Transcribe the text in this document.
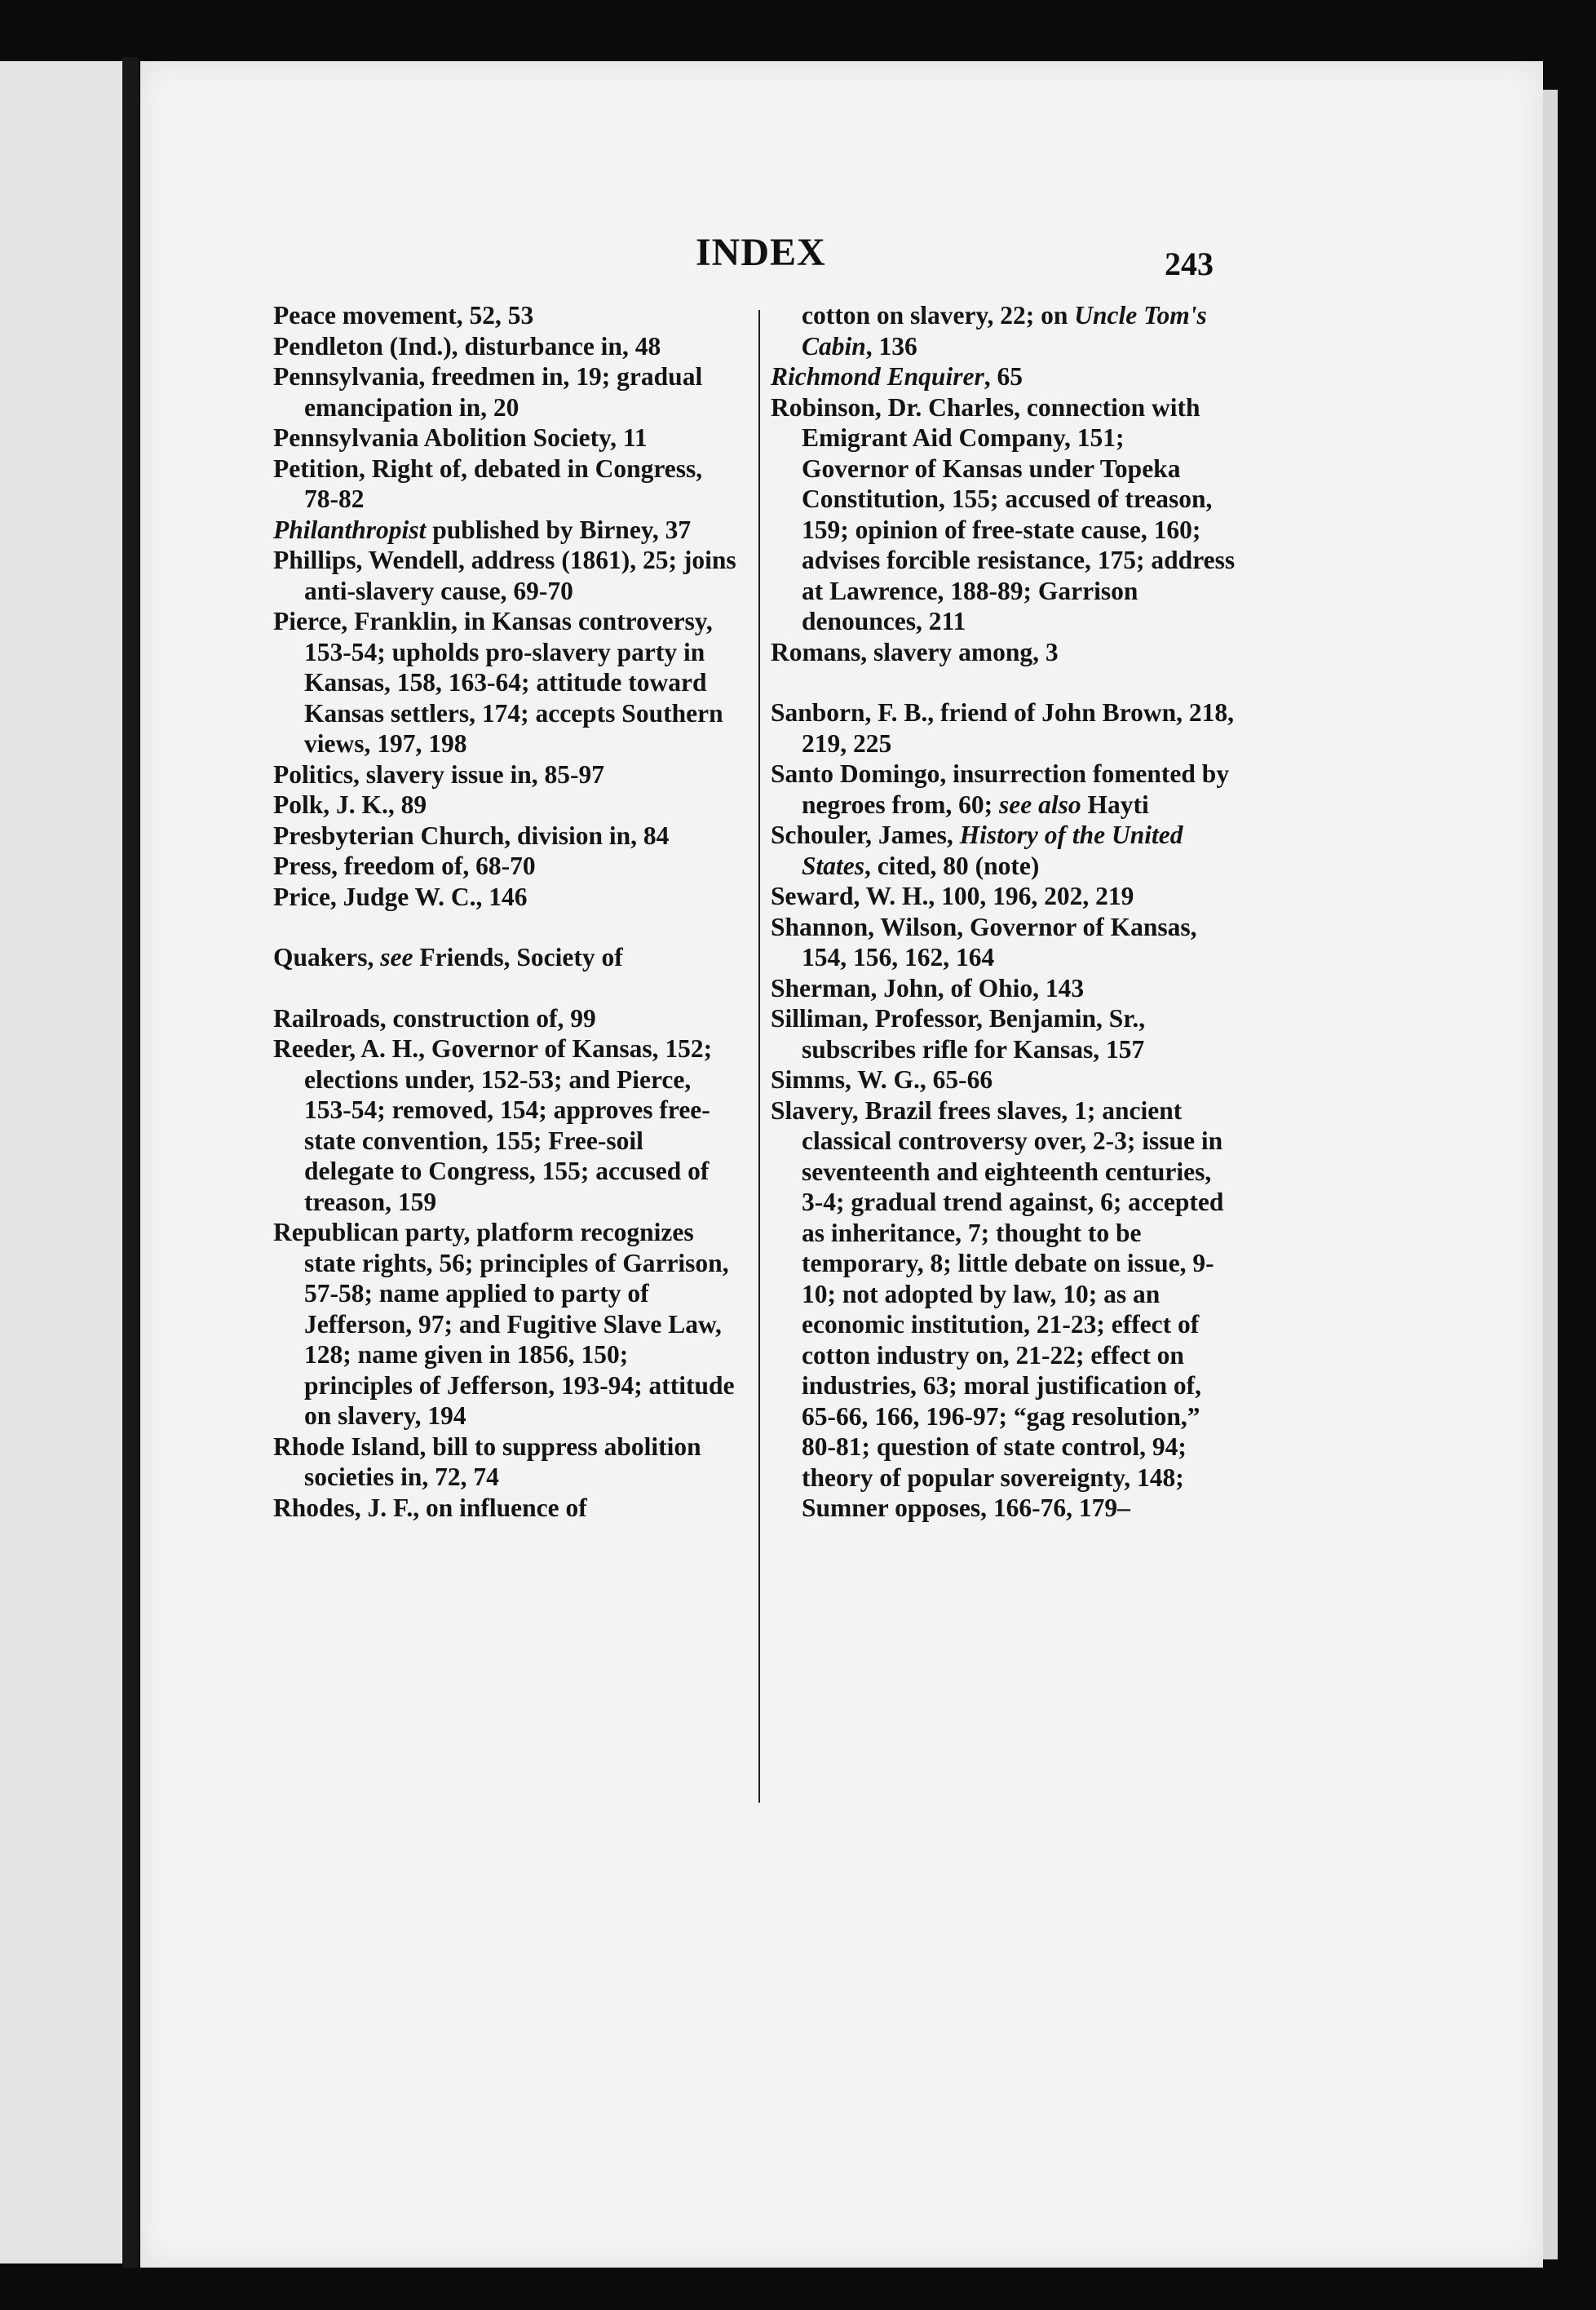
INDEX	243

Peace movement, 52, 53

Pendleton (Ind.), disturbance in, 48

Pennsylvania, freedmen in, 19; gradual emancipation in, 20

Pennsylvania Abolition Society, 11

Petition, Right of, debated in Congress, 78-82

Philanthropist published by Birney, 37

Phillips, Wendell, address (1861), 25; joins anti-slavery cause, 69-70

Pierce, Franklin, in Kansas controversy, 153-54; upholds pro-slavery party in Kansas, 158, 163-64; attitude toward Kansas settlers, 174; accepts Southern views, 197, 198

Politics, slavery issue in, 85-97

Polk, J. K., 89

Presbyterian Church, division in, 84

Press, freedom of, 68-70

Price, Judge W. C., 146

Quakers, see Friends, Society of

Railroads, construction of, 99

Reeder, A. H., Governor of Kansas, 152; elections under, 152-53; and Pierce, 153-54; removed, 154; approves free-state convention, 155; Free-soil delegate to Congress, 155; accused of treason, 159

Republican party, platform recognizes state rights, 56; principles of Garrison, 57-58; name applied to party of Jefferson, 97; and Fugitive Slave Law, 128; name given in 1856, 150; principles of Jefferson, 193-94; attitude on slavery, 194

Rhode Island, bill to suppress abolition societies in, 72, 74

Rhodes, J. F., on influence of

cotton on slavery, 22; on Uncle Tom's Cabin, 136

Richmond Enquirer, 65

Robinson, Dr. Charles, connection with Emigrant Aid Company, 151; Governor of Kansas under Topeka Constitution, 155; accused of treason, 159; opinion of free-state cause, 160; advises forcible resistance, 175; address at Lawrence, 188-89; Garrison denounces, 211

Romans, slavery among, 3

Sanborn, F. B., friend of John Brown, 218, 219, 225

Santo Domingo, insurrection fomented by negroes from, 60; see also Hayti

Schouler, James, History of the United States, cited, 80 (note)

Seward, W. H., 100, 196, 202, 219

Shannon, Wilson, Governor of Kansas, 154, 156, 162, 164

Sherman, John, of Ohio, 143

Silliman, Professor, Benjamin, Sr., subscribes rifle for Kansas, 157

Simms, W. G., 65-66

Slavery, Brazil frees slaves, 1; ancient classical controversy over, 2-3; issue in seventeenth and eighteenth centuries, 3-4; gradual trend against, 6; accepted as inheritance, 7; thought to be temporary, 8; little debate on issue, 9-10; not adopted by law, 10; as an economic institution, 21-23; effect of cotton industry on, 21-22; effect on industries, 63; moral justification of, 65-66, 166, 196-97; “gag resolution,” 80-81; question of state control, 94; theory of popular sovereignty, 148; Sumner opposes, 166-76, 179–
